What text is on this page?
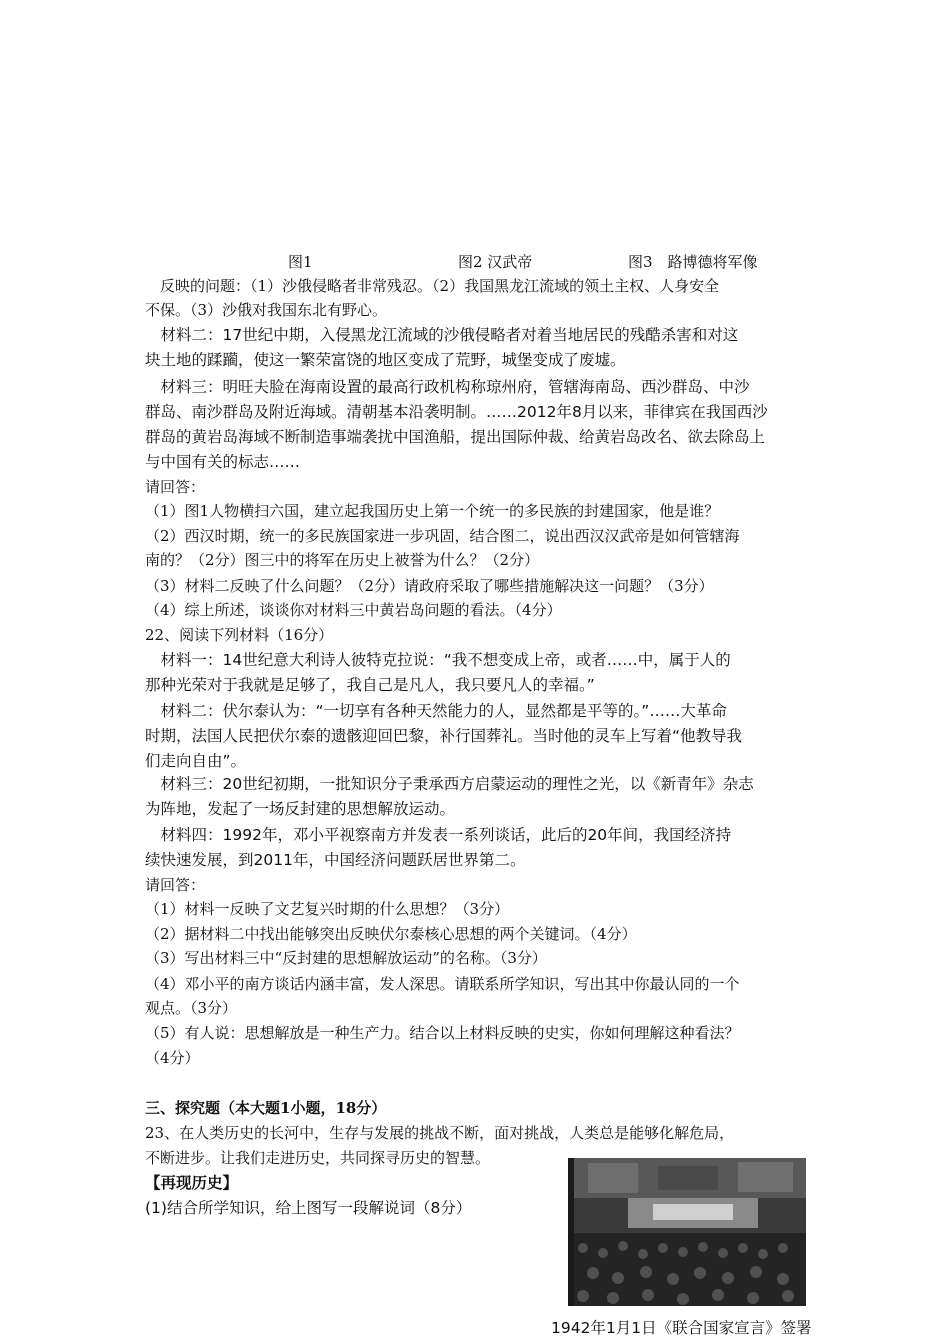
图1	图2 汉武帝	图3　路博德将军像
　反映的问题：（1）沙俄侵略者非常残忍。（2）我国黑龙江流域的领土主权、人身安全
不保。（3）沙俄对我国东北有野心。
　材料二：17世纪中期，入侵黑龙江流域的沙俄侵略者对着当地居民的残酷杀害和对这
块土地的蹂躏，使这一繁荣富饶的地区变成了荒野，城堡变成了废墟。
　材料三：明旺夫脸在海南设置的最高行政机构称琼州府，管辖海南岛、西沙群岛、中沙
群岛、南沙群岛及附近海域。清朝基本沿袭明制。……2012年8月以来，菲律宾在我国西沙
群岛的黄岩岛海域不断制造事端袭扰中国渔船，提出国际仲裁、给黄岩岛改名、欲去除岛上
与中国有关的标志……
请回答：
（1）图1人物横扫六国，建立起我国历史上第一个统一的多民族的封建国家，他是谁？
（2）西汉时期，统一的多民族国家进一步巩固，结合图二，说出西汉汉武帝是如何管辖海
南的？（2分）图三中的将军在历史上被誉为什么？（2分）
（3）材料二反映了什么问题？（2分）请政府采取了哪些措施解决这一问题？（3分）
（4）综上所述，谈谈你对材料三中黄岩岛问题的看法。（4分）
22、阅读下列材料（16分）
　材料一：14世纪意大利诗人彼特克拉说：“我不想变成上帝，或者……中，属于人的
那种光荣对于我就是足够了，我自己是凡人，我只要凡人的幸福。”
　材料二：伏尔泰认为：“一切享有各种天然能力的人，显然都是平等的。”……大革命
时期，法国人民把伏尔泰的遗骸迎回巴黎，补行国葬礼。当时他的灵车上写着“他教导我
们走向自由”。
　材料三：20世纪初期，一批知识分子秉承西方启蒙运动的理性之光，以《新青年》杂志
为阵地，发起了一场反封建的思想解放运动。
　材料四：1992年，邓小平视察南方并发表一系列谈话，此后的20年间，我国经济持
续快速发展，到2011年，中国经济问题跃居世界第二。
请回答：
（1）材料一反映了文艺复兴时期的什么思想？（3分）
（2）据材料二中找出能够突出反映伏尔泰核心思想的两个关键词。（4分）
（3）写出材料三中“反封建的思想解放运动”的名称。（3分）
（4）邓小平的南方谈话内涵丰富，发人深思。请联系所学知识，写出其中你最认同的一个
观点。（3分）
（5）有人说：思想解放是一种生产力。结合以上材料反映的史实，你如何理解这种看法？
（4分）
三、探究题（本大题1小题，18分）
23、在人类历史的长河中，生存与发展的挑战不断，面对挑战，人类总是能够化解危局，
不断进步。让我们走进历史，共同探寻历史的智慧。
【再现历史】
(1)结合所学知识，给上图写一段解说词（8分）
1942年1月1日《联合国家宣言》签署
